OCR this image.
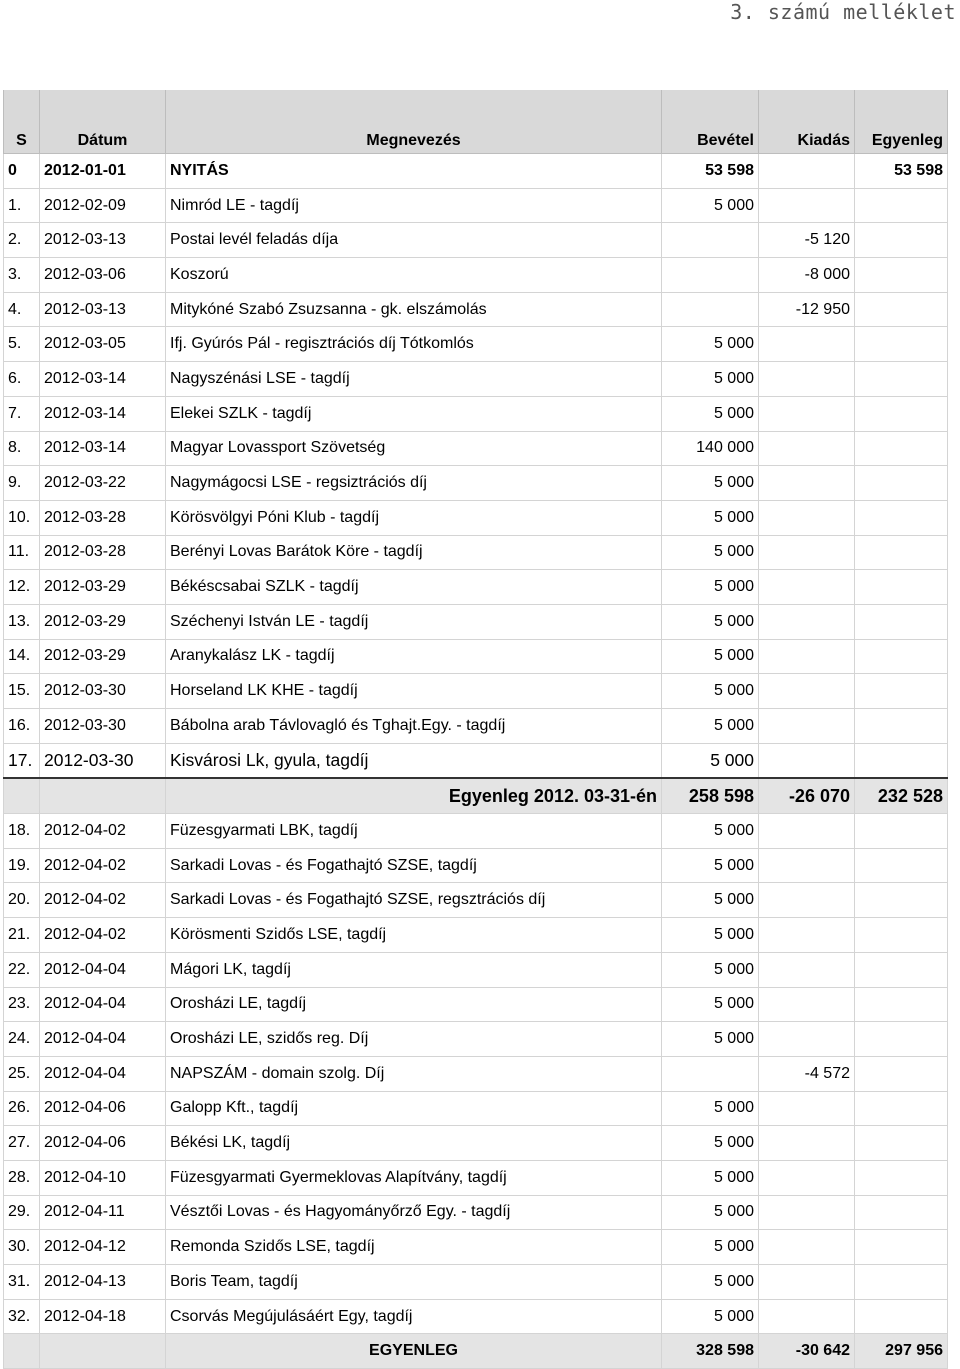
3. számú melléklet
S	Dátum	Megnevezés	Bevétel	Kiadás	Egyenleg
0	2012-01-01	NYITÁS	53 598		53 598
1.	2012-02-09	Nimród LE - tagdíj	5 000		
2.	2012-03-13	Postai levél feladás díja		-5 120	
3.	2012-03-06	Koszorú		-8 000	
4.	2012-03-13	Mitykóné Szabó Zsuzsanna - gk. elszámolás		-12 950	
5.	2012-03-05	Ifj. Gyúrós Pál - regisztrációs díj Tótkomlós	5 000		
6.	2012-03-14	Nagyszénási LSE - tagdíj	5 000		
7.	2012-03-14	Elekei SZLK - tagdíj	5 000		
8.	2012-03-14	Magyar Lovassport Szövetség	140 000		
9.	2012-03-22	Nagymágocsi LSE - regsiztrációs díj	5 000		
10.	2012-03-28	Körösvölgyi Póni Klub - tagdíj	5 000		
11.	2012-03-28	Berényi Lovas Barátok Köre - tagdíj	5 000		
12.	2012-03-29	Békéscsabai SZLK - tagdíj	5 000		
13.	2012-03-29	Széchenyi István LE - tagdíj	5 000		
14.	2012-03-29	Aranykalász LK - tagdíj	5 000		
15.	2012-03-30	Horseland LK KHE - tagdíj	5 000		
16.	2012-03-30	Bábolna arab Távlovagló és Tghajt.Egy. - tagdíj	5 000		
17.	2012-03-30	Kisvárosi Lk, gyula, tagdíj	5 000		
		Egyenleg 2012. 03-31-én	258 598	-26 070	232 528
18.	2012-04-02	Füzesgyarmati LBK, tagdíj	5 000		
19.	2012-04-02	Sarkadi Lovas - és Fogathajtó SZSE, tagdíj	5 000		
20.	2012-04-02	Sarkadi Lovas - és Fogathajtó SZSE, regsztrációs díj	5 000		
21.	2012-04-02	Körösmenti Szidős LSE, tagdíj	5 000		
22.	2012-04-04	Mágori LK, tagdíj	5 000		
23.	2012-04-04	Orosházi LE, tagdíj	5 000		
24.	2012-04-04	Orosházi LE, szidős reg. Díj	5 000		
25.	2012-04-04	NAPSZÁM - domain szolg. Díj		-4 572	
26.	2012-04-06	Galopp Kft., tagdíj	5 000		
27.	2012-04-06	Békési LK, tagdíj	5 000		
28.	2012-04-10	Füzesgyarmati Gyermeklovas Alapítvány, tagdíj	5 000		
29.	2012-04-11	Vésztői Lovas - és Hagyományőrző Egy. - tagdíj	5 000		
30.	2012-04-12	Remonda Szidős LSE, tagdíj	5 000		
31.	2012-04-13	Boris Team, tagdíj	5 000		
32.	2012-04-18	Csorvás Megújulásáért Egy, tagdíj	5 000		
		EGYENLEG	328 598	-30 642	297 956
